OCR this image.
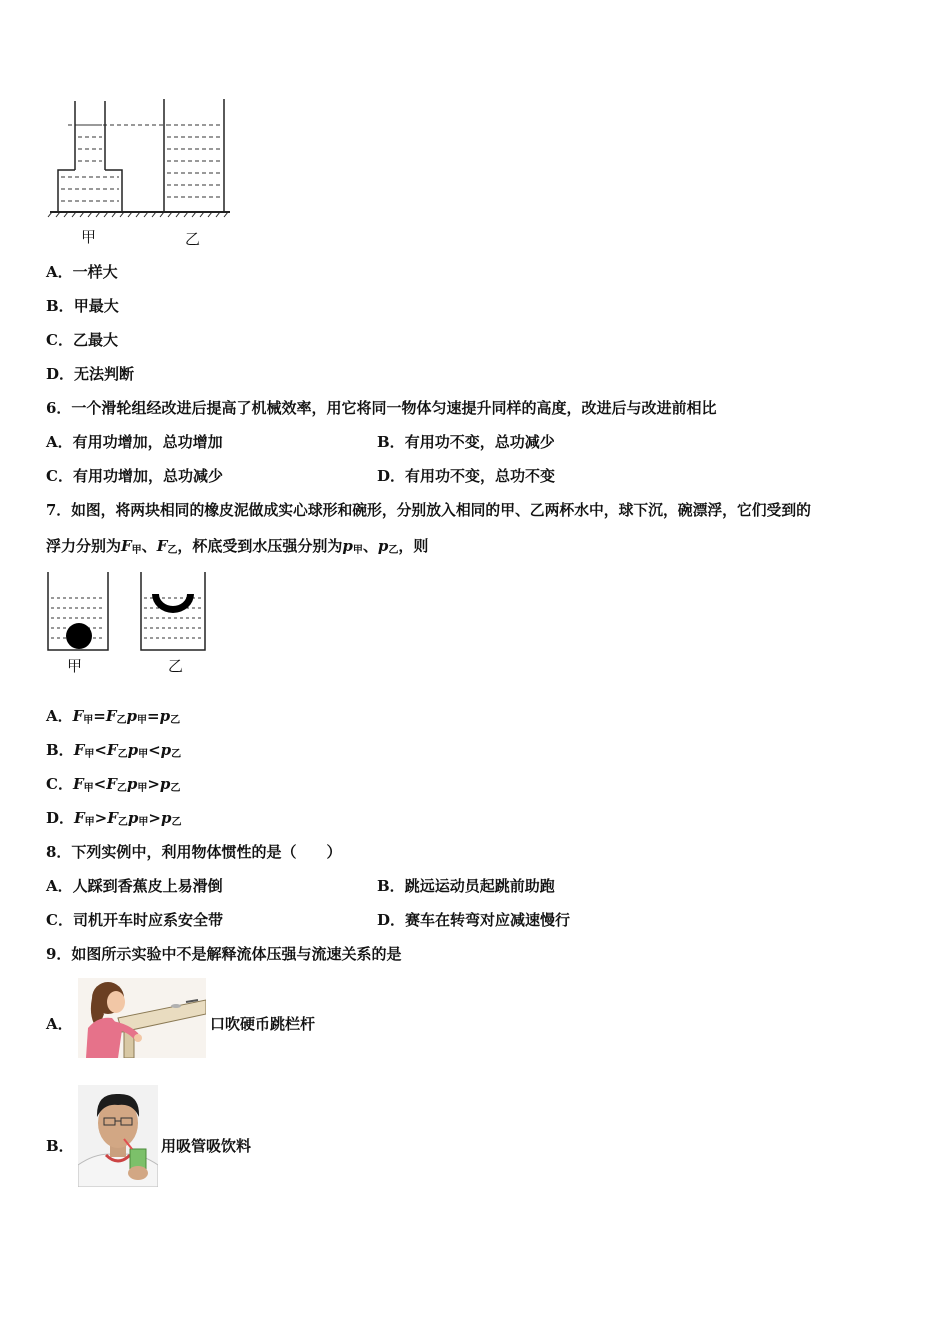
甲	乙
A．一样大
B．甲最大
C．乙最大
D．无法判断
6．一个滑轮组经改进后提高了机械效率，用它将同一物体匀速提升同样的高度，改进后与改进前相比
A．有用功增加，总功增加	B．有用功不变，总功减少
C．有用功增加，总功减少	D．有用功不变，总功不变
7．如图，将两块相同的橡皮泥做成实心球形和碗形，分别放入相同的甲、乙两杯水中，球下沉，碗漂浮，它们受到的
浮力分别为$F_甲$、$F_乙$，杯底受到水压强分别为$p_甲$、$p_乙$，则
甲	乙
A．$F_甲=F_乙p_甲=p_乙$
B．$F_甲<F_乙p_甲<p_乙$
C．$F_甲<F_乙p_甲>p_乙$
D．$F_甲>F_乙p_甲>p_乙$
8．下列实例中，利用物体惯性的是（　　）
A．人踩到香蕉皮上易滑倒	B．跳远运动员起跳前助跑
C．司机开车时应系安全带	D．赛车在转弯对应减速慢行
9．如图所示实验中不是解释流体压强与流速关系的是
A．	口吹硬币跳栏杆
B．	用吸管吸饮料
